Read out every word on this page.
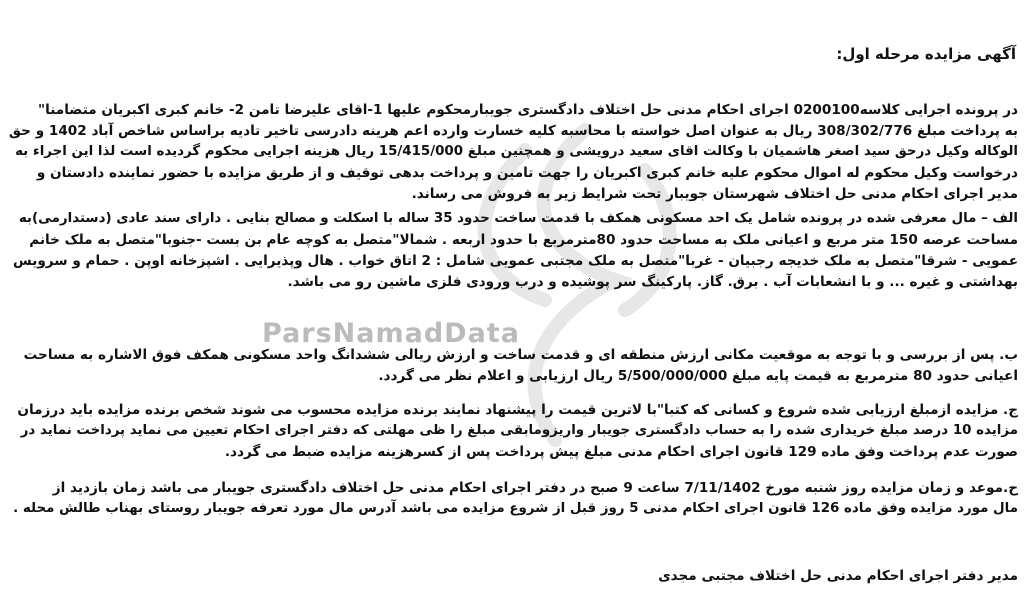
ParsNamadData
آگهی مزایده مرحله اول:
در پرونده اجرایی کلاسه0200100 اجرای احکام مدنی حل اختلاف دادگستری جویبارمحکوم علیها 1-اقای علیرضا تامن 2- خانم کبری اکبریان متضامنا"
به پرداخت مبلغ 308/302/776 ریال به عنوان اصل خواسته با محاسبه کلیه خسارت وارده اعم هرینه دادرسی تاخیر تادیه براساس شاخص آباد 1402 و حق
الوکاله وکیل درحق سید اصغر هاشمیان با وکالت اقای سعید درویشی و همچنین مبلغ 15/415/000 ریال هزینه اجرایی محکوم گردیده است لذا این اجراء به
درخواست وکیل محکوم له اموال محکوم علیه خانم کبری اکبریان را جهت تامین و پرداخت بدهی توقیف و از طریق مزایده با حضور نماینده دادستان و
مدیر اجرای احکام مدنی حل اختلاف شهرستان جویبار تحت شرایط زیر به فروش می رساند.
الف – مال معرفی شده در پرونده شامل یک احد مسکونی همکف با قدمت ساخت حدود 35 ساله با اسکلت و مصالح بنایی . دارای سند عادی (دستدارمی)به
مساحت عرصه 150 متر مربع و اعیانی ملک به مساحت حدود 80مترمربع با حدود اربعه . شمالا"متصل به کوچه عام بن بست -جنوبا"متصل به ملک خانم
عمویی - شرقا"متصل به ملک خدیجه رجبیان - غربا"متصل به ملک مجتبی عمویی شامل : 2 اتاق خواب . هال وپذیرایی . اشپزخانه اوپن . حمام و سرویس
بهداشتی و غیره ... و با انشعابات آب . برق. گاز. پارکینگ سر پوشیده و درب ورودی فلزی ماشین رو می باشد.
ب. پس از بررسی و با توجه به موقعیت مکانی ارزش منطقه ای و قدمت ساخت و ارزش ریالی ششدانگ واحد مسکونی همکف فوق الاشاره به مساحت
اعیانی حدود 80 مترمربع به قیمت پایه مبلغ 5/500/000/000 ریال ارزیابی و اعلام نظر می گردد.
ج. مزایده ازمبلغ ارزیابی شده شروع و کسانی که کتبا"با لاترین قیمت را پیشنهاد نمایند برنده مزایده محسوب می شوند شخص برنده مزایده باید درزمان
مزایده 10 درصد مبلغ خریداری شده را به حساب دادگستری جویبار واریزومابقی مبلغ را ظی مهلتی که دفتر اجرای احکام تعیین می نماید پرداخت نماید در
صورت عدم پرداخت وفق ماده 129 قانون اجرای احکام مدنی مبلغ پیش پرداخت پس از کسرهزینه مزایده ضبط می گردد.
ح.موعد و زمان مزایده روز شنبه مورخ 7/11/1402 ساعت 9 صبح در دفتر اجرای احکام مدنی حل اختلاف دادگستری جویبار می باشد زمان بازدید از
مال مورد مزایده وفق ماده 126 قانون اجرای احکام مدنی 5 روز قبل از شروع مزایده می باشد آدرس مال مورد تعرفه جویبار روستای بهناب طالش محله .
مدیر دفتر اجرای احکام مدنی حل اختلاف مجتبی مجدی
